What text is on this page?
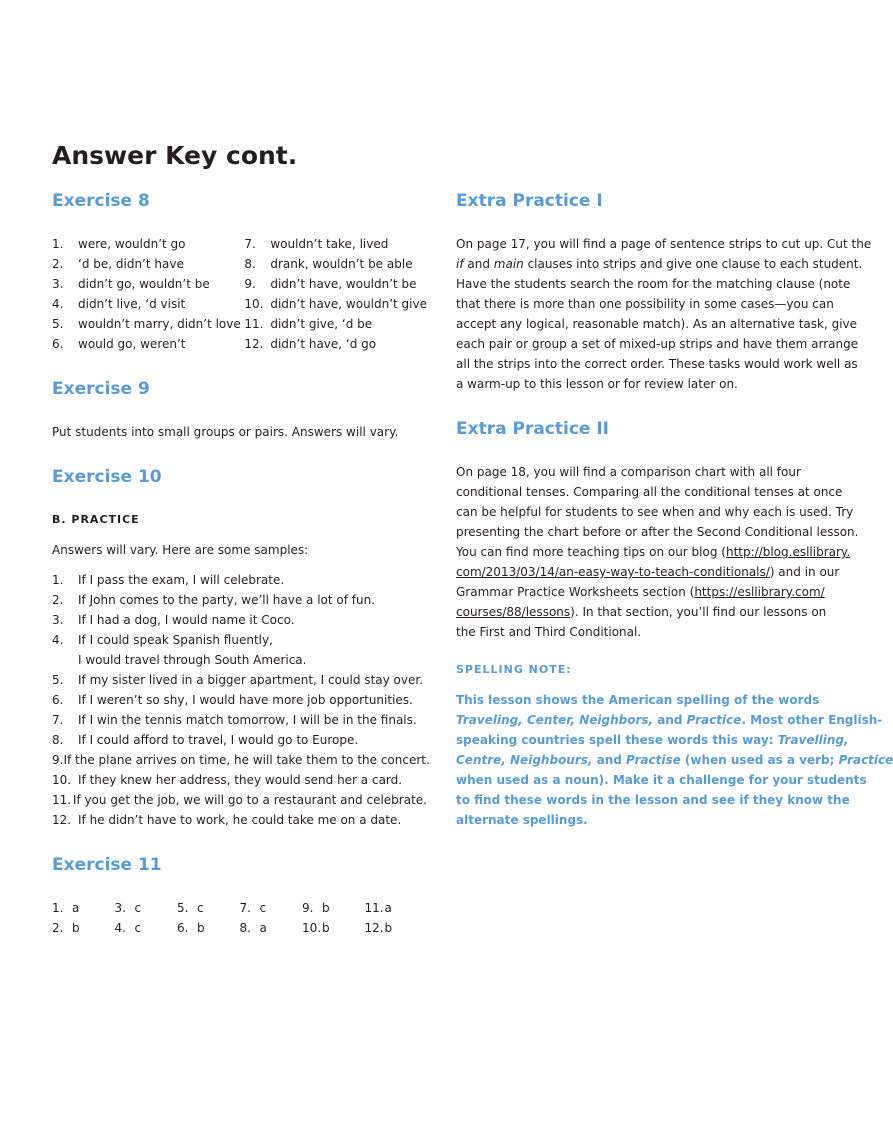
Answer Key cont.
Exercise 8
1.	were, wouldn’t go
2.	‘d be, didn’t have
3.	didn’t go, wouldn’t be
4.	didn’t live, ‘d visit
5.	wouldn’t marry, didn’t love
6.	would go, weren’t
7.	wouldn’t take, lived
8.	drank, wouldn’t be able
9.	didn’t have, wouldn’t be
10. didn’t have, wouldn’t give
11. didn’t give, ‘d be
12. didn’t have, ‘d go
Exercise 9

Put students into small groups or pairs. Answers will vary.

Exercise 10

B. PRACTICE

Answers will vary. Here are some samples:

1.	If I pass the exam, I will celebrate.
2.	If John comes to the party, we’ll have a lot of fun.
3.	If I had a dog, I would name it Coco.
4.	If I could speak Spanish fluently,
I would travel through South America.
5.	If my sister lived in a bigger apartment, I could stay over.
6.	If I weren’t so shy, I would have more job opportunities.
7.	If I win the tennis match tomorrow, I will be in the finals.
8.	If I could afford to travel, I would go to Europe.
9. If the plane arrives on time, he will take them to the concert.
10. If they knew her address, they would send her a card.
11. If you get the job, we will go to a restaurant and celebrate.
12. If he didn’t have to work, he could take me on a date.
Exercise 11
1. a	3. c	5. c	7. c	9. b	11.a
2. b	4. c	6. b	8. a	10.b	12.b
Extra Practice I

On page 17, you will find a page of sentence strips to cut up. Cut the

if and main clauses into strips and give one clause to each student.

Have the students search the room for the matching clause (note

that there is more than one possibility in some cases—you can

accept any logical, reasonable match). As an alternative task, give

each pair or group a set of mixed-up strips and have them arrange

all the strips into the correct order. These tasks would work well as

a warm-up to this lesson or for review later on.

Extra Practice II

On page 18, you will find a comparison chart with all four

conditional tenses. Comparing all the conditional tenses at once

can be helpful for students to see when and why each is used. Try

presenting the chart before or after the Second Conditional lesson.

You can find more teaching tips on our blog (http://blog.esllibrary.

com/2013/03/14/an-easy-way-to-teach-conditionals/) and in our

Grammar Practice Worksheets section (https://esllibrary.com/

courses/88/lessons). In that section, you’ll find our lessons on

the First and Third Conditional.

SPELLING NOTE:

This lesson shows the American spelling of the words

Traveling, Center, Neighbors, and Practice. Most other English-

speaking countries spell these words this way: Travelling,

Centre, Neighbours, and Practise (when used as a verb; Practice

when used as a noun). Make it a challenge for your students

to find these words in the lesson and see if they know the

alternate spellings.
